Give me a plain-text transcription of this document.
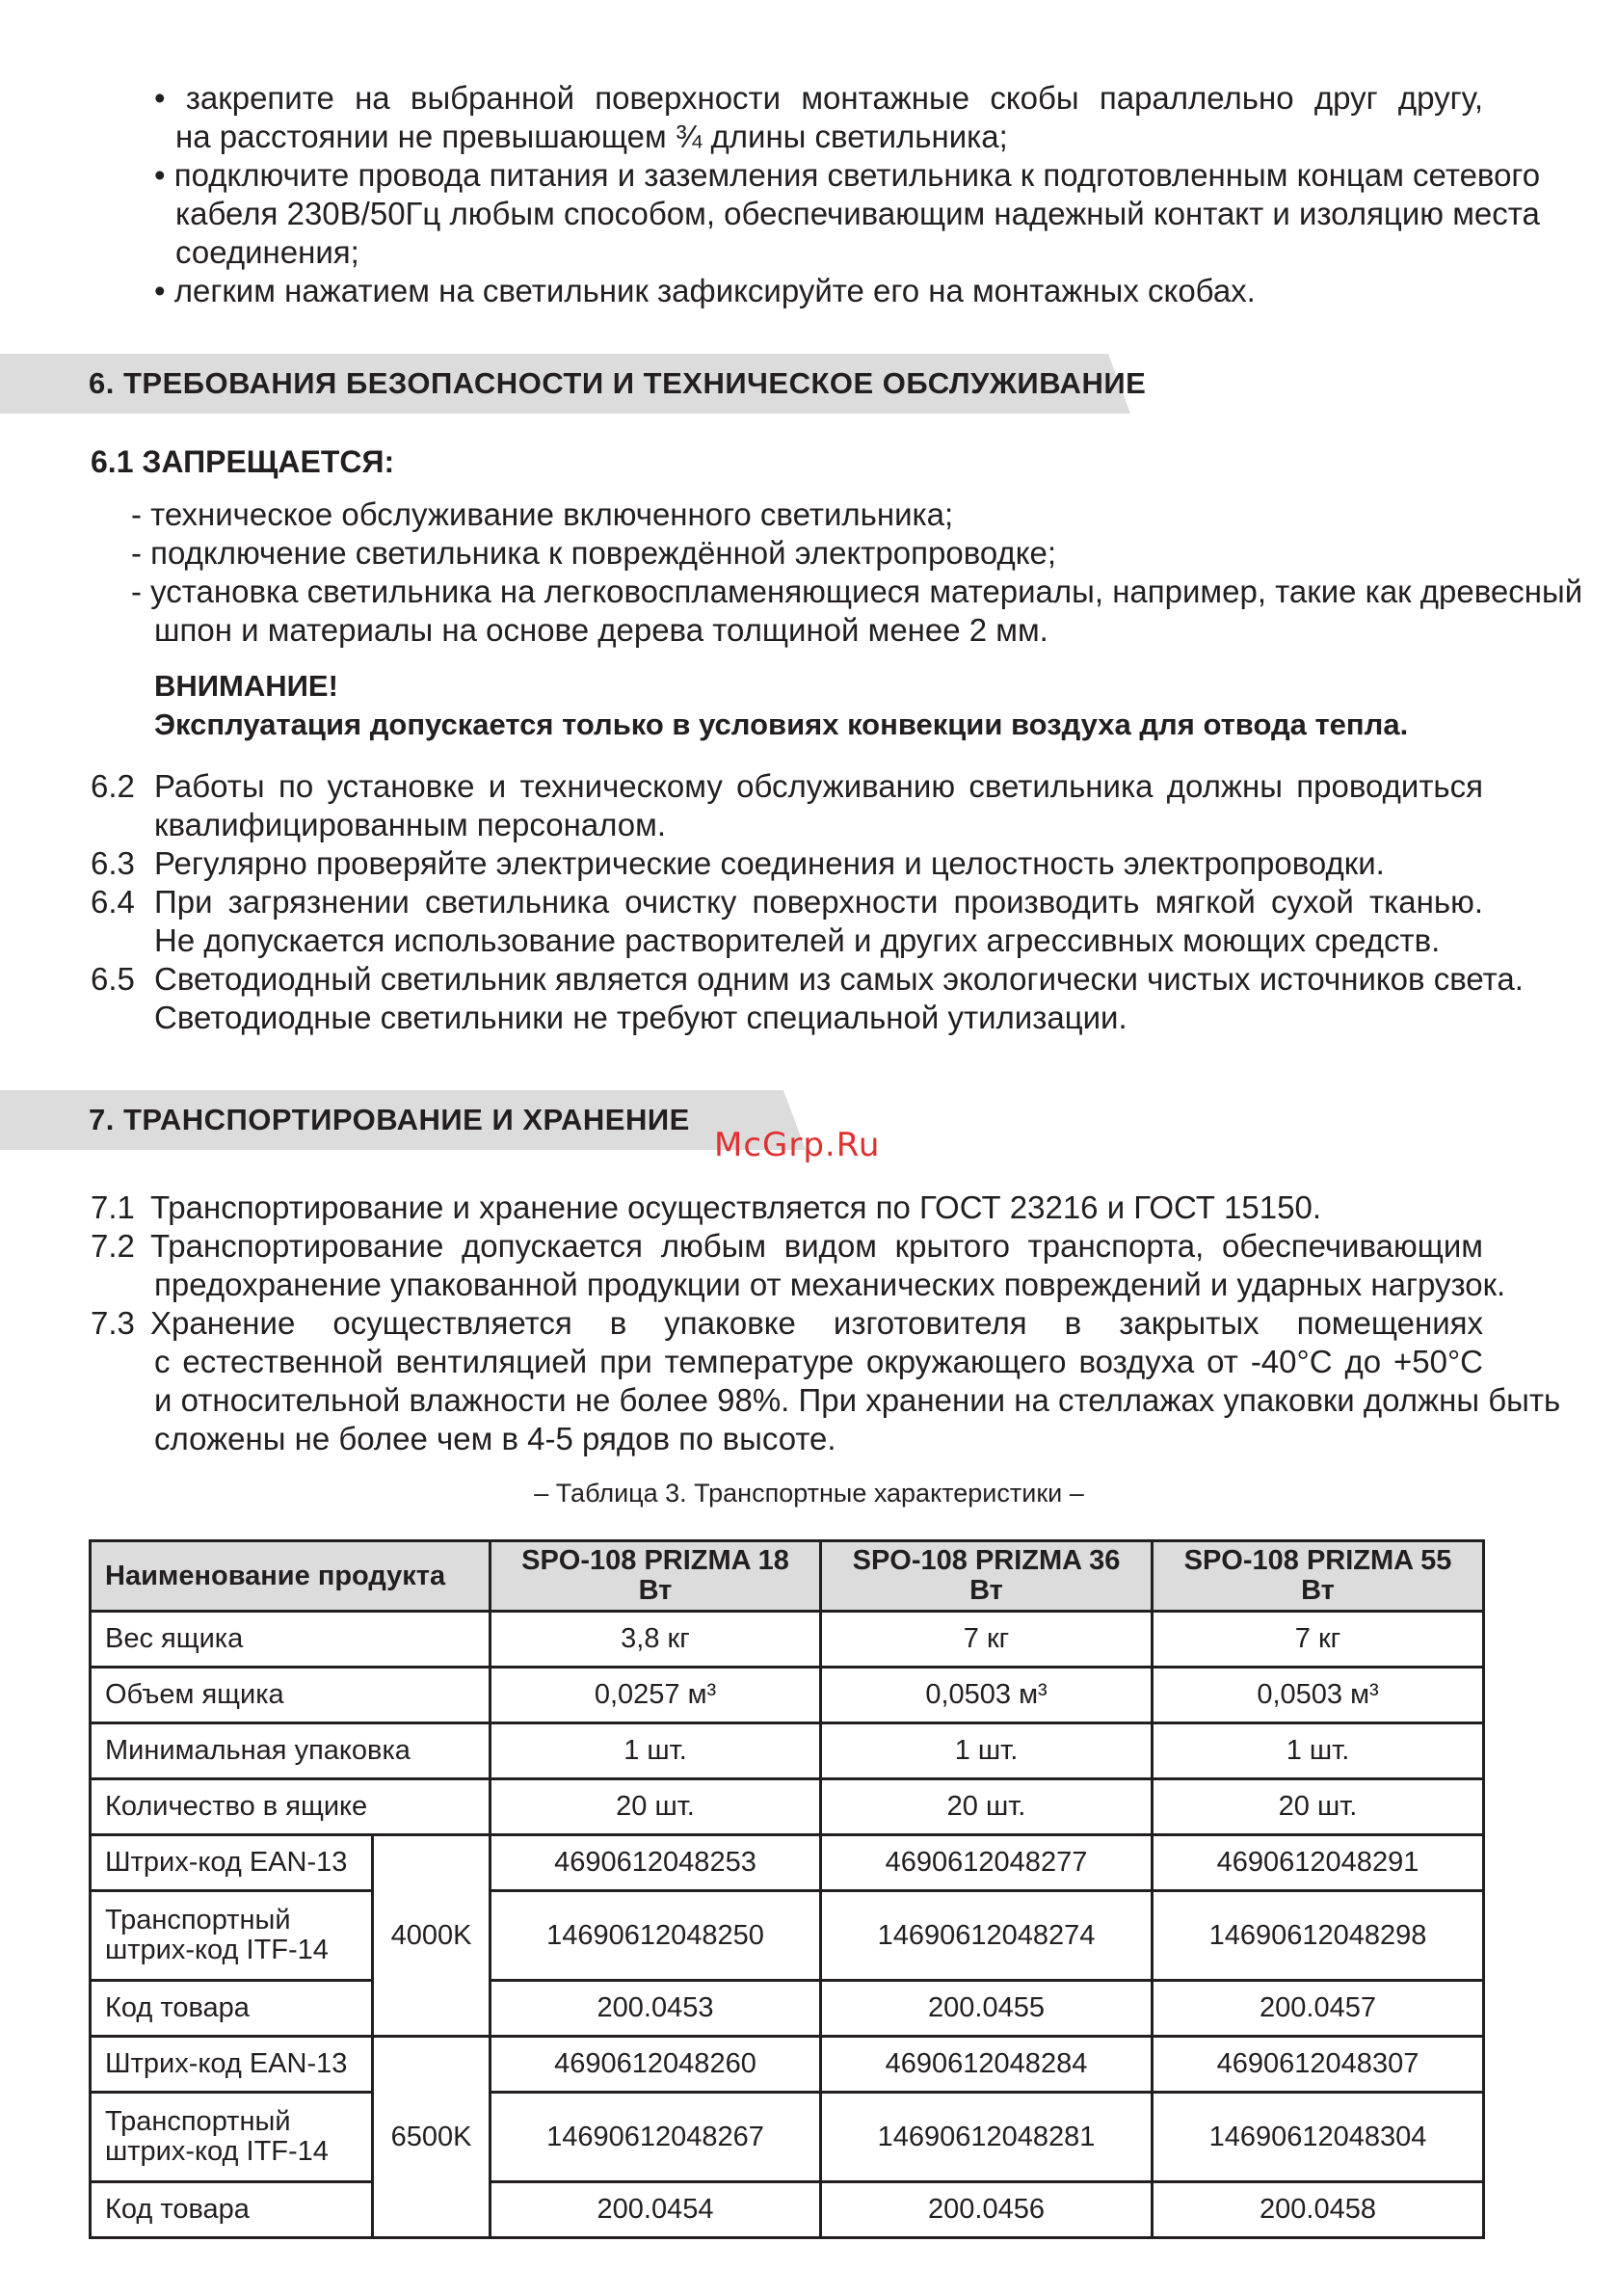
• закрепите на выбранной поверхности монтажные скобы параллельно друг другу,
на расстоянии не превышающем ¾ длины светильника;
• подключите провода питания и заземления светильника к подготовленным концам сетевого
кабеля 230В/50Гц любым способом, обеспечивающим надежный контакт и изоляцию места
соединения;
• легким нажатием на светильник зафиксируйте его на монтажных скобах.
6. ТРЕБОВАНИЯ БЕЗОПАСНОСТИ И ТЕХНИЧЕСКОЕ ОБСЛУЖИВАНИЕ
6.1 ЗАПРЕЩАЕТСЯ:
- техническое обслуживание включенного светильника;
- подключение светильника к повреждённой электропроводке;
- установка светильника на легковоспламеняющиеся материалы, например, такие как древесный
шпон и материалы на основе дерева толщиной менее 2 мм.
ВНИМАНИЕ!
Эксплуатация допускается только в условиях конвекции воздуха для отвода тепла.
6.2 Работы по установке и техническому обслуживанию светильника должны проводиться
квалифицированным персоналом.
6.3 Регулярно проверяйте электрические соединения и целостность электропроводки.
6.4 При загрязнении светильника очистку поверхности производить мягкой сухой тканью.
Не допускается использование растворителей и других агрессивных моющих средств.
6.5 Светодиодный светильник является одним из самых экологически чистых источников света.
Светодиодные светильники не требуют специальной утилизации.
7. ТРАНСПОРТИРОВАНИЕ И ХРАНЕНИЕ
McGrp.Ru
7.1 Транспортирование и хранение осуществляется по ГОСТ 23216 и ГОСТ 15150.
7.2 Транспортирование допускается любым видом крытого транспорта, обеспечивающим
предохранение упакованной продукции от механических повреждений и ударных нагрузок.
7.3 Хранение осуществляется в упаковке изготовителя в закрытых помещениях
с естественной вентиляцией при температуре окружающего воздуха от -40°С до +50°С
и относительной влажности не более 98%. При хранении на стеллажах упаковки должны быть
сложены не более чем в 4-5 рядов по высоте.
– Таблица 3. Транспортные характеристики –
Наименование продукта		SPO-108 PRIZMA 18 Вт	SPO-108 PRIZMA 36 Вт	SPO-108 PRIZMA 55 Вт
Вес ящика		3,8 кг	7 кг	7 кг
Объем ящика		0,0257 м³	0,0503 м³	0,0503 м³
Минимальная упаковка		1 шт.	1 шт.	1 шт.
Количество в ящике		20 шт.	20 шт.	20 шт.
Штрих-код EAN-13	4000K	4690612048253	4690612048277	4690612048291
Транспортный штрих-код ITF-14		14690612048250	14690612048274	14690612048298
Код товара		200.0453	200.0455	200.0457
Штрих-код EAN-13	6500K	4690612048260	4690612048284	4690612048307
Транспортный штрих-код ITF-14		14690612048267	14690612048281	14690612048304
Код товара		200.0454	200.0456	200.0458
